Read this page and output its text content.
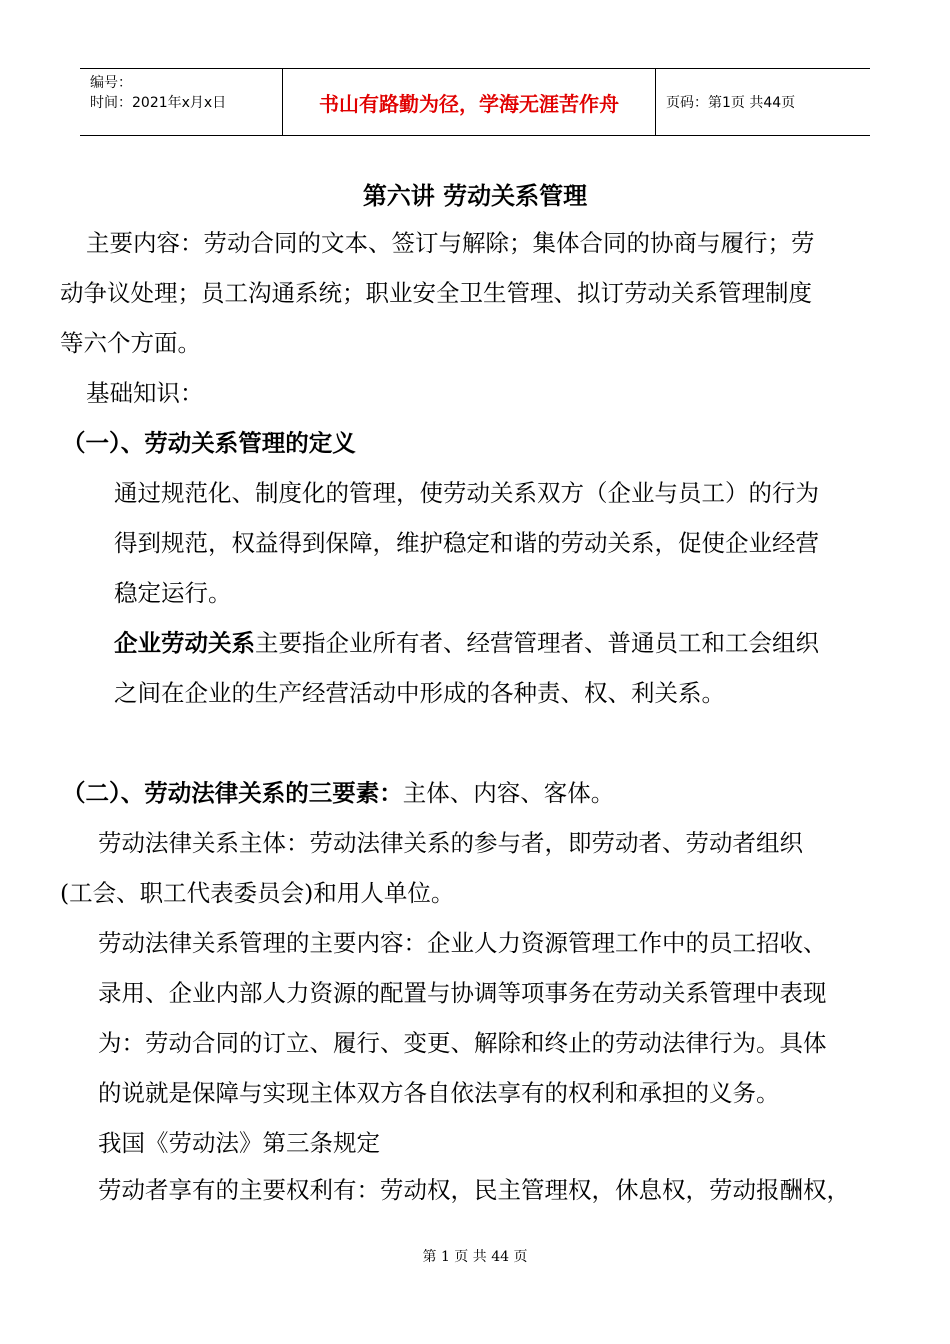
编号：
时间：2021年x月x日	书山有路勤为径，学海无涯苦作舟	页码：第1页 共44页
第六讲 劳动关系管理
主要内容：劳动合同的文本、签订与解除；集体合同的协商与履行；劳
动争议处理；员工沟通系统；职业安全卫生管理、拟订劳动关系管理制度
等六个方面。
基础知识：
（一）、劳动关系管理的定义
通过规范化、制度化的管理，使劳动关系双方（企业与员工）的行为
得到规范，权益得到保障，维护稳定和谐的劳动关系，促使企业经营
稳定运行。
企业劳动关系主要指企业所有者、经营管理者、普通员工和工会组织
之间在企业的生产经营活动中形成的各种责、权、利关系。
（二）、劳动法律关系的三要素：主体、内容、客体。
劳动法律关系主体：劳动法律关系的参与者，即劳动者、劳动者组织
(工会、职工代表委员会)和用人单位。
劳动法律关系管理的主要内容：企业人力资源管理工作中的员工招收、
录用、企业内部人力资源的配置与协调等项事务在劳动关系管理中表现
为：劳动合同的订立、履行、变更、解除和终止的劳动法律行为。具体
的说就是保障与实现主体双方各自依法享有的权利和承担的义务。
我国《劳动法》第三条规定
劳动者享有的主要权利有：劳动权，民主管理权，休息权，劳动报酬权，
第 1 页 共 44 页
